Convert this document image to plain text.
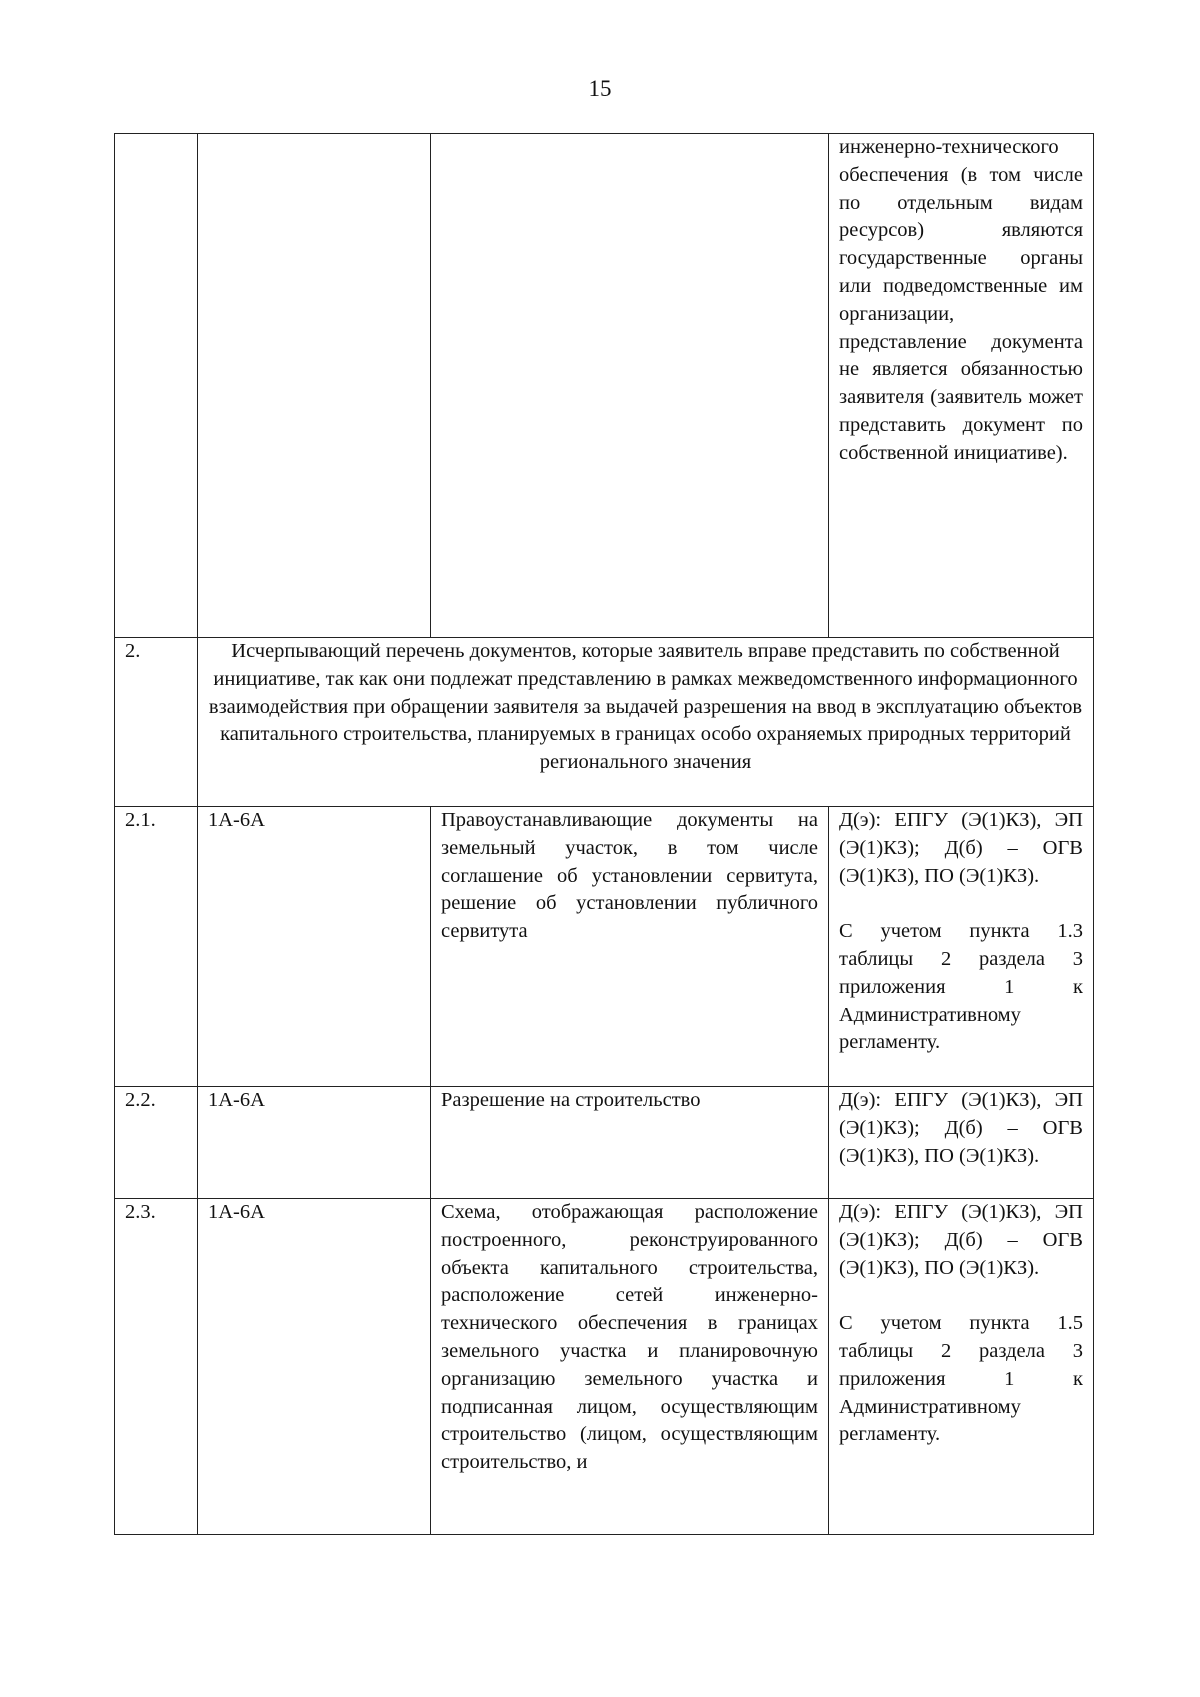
15

			инженерно-технического обеспечения (в том числе по отдельным видам ресурсов) являются государственные органы или подведомственные им организации, представление документа не является обязанностью заявителя (заявитель может представить документ по собственной инициативе).

2.	Исчерпывающий перечень документов, которые заявитель вправе представить по собственной инициативе, так как они подлежат представлению в рамках межведомственного информационного взаимодействия при обращении заявителя за выдачей разрешения на ввод в эксплуатацию объектов капитального строительства, планируемых в границах особо охраняемых природных территорий регионального значения		
2.1.	1А-6А	Правоустанавливающие документы на земельный участок, в том числе соглашение об установлении сервитута, решение об установлении публичного сервитута	Д(э): ЕПГУ (Э(1)КЗ), ЭП (Э(1)КЗ); Д(б) – ОГВ (Э(1)КЗ), ПО (Э(1)КЗ).
С учетом пункта 1.3 таблицы 2 раздела 3 приложения 1 к Административному регламенту.

2.2.	1А-6А	Разрешение на строительство	Д(э): ЕПГУ (Э(1)КЗ), ЭП (Э(1)КЗ); Д(б) – ОГВ (Э(1)КЗ), ПО (Э(1)КЗ).

2.3.	1А-6А	Схема, отображающая расположение построенного, реконструированного объекта капитального строительства, расположение сетей инженерно-технического обеспечения в границах земельного участка и планировочную организацию земельного участка и подписанная лицом, осуществляющим строительство (лицом, осуществляющим строительство, и	Д(э): ЕПГУ (Э(1)КЗ), ЭП (Э(1)КЗ); Д(б) – ОГВ (Э(1)КЗ), ПО (Э(1)КЗ).
С учетом пункта 1.5 таблицы 2 раздела 3 приложения 1 к Административному регламенту.
